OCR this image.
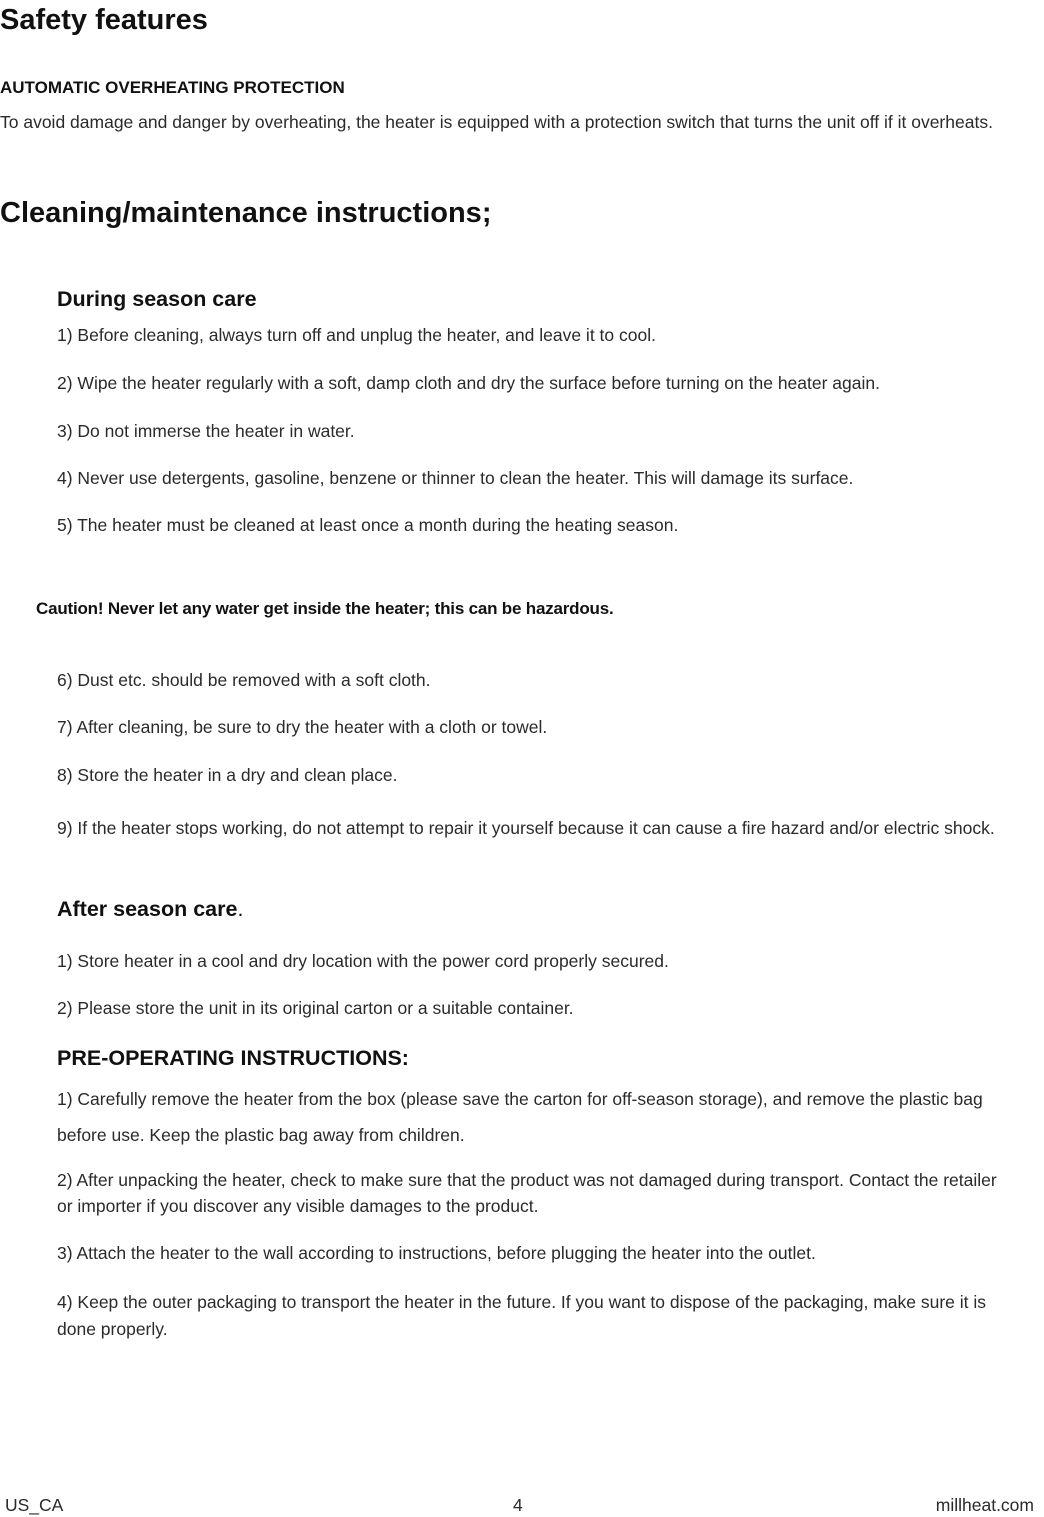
Safety features
AUTOMATIC OVERHEATING PROTECTION

To avoid damage and danger by overheating, the heater is equipped with a protection switch that turns the unit off if it overheats.

Cleaning/maintenance instructions;
During season care
1) Before cleaning, always turn off and unplug the heater, and leave it to cool.
2) Wipe the heater regularly with a soft, damp cloth and dry the surface before turning on the heater again.
3) Do not immerse the heater in water.
4) Never use detergents, gasoline, benzene or thinner to clean the heater. This will damage its surface.
5) The heater must be cleaned at least once a month during the heating season.
Caution! Never let any water get inside the heater; this can be hazardous.
6) Dust etc. should be removed with a soft cloth.
7) After cleaning, be sure to dry the heater with a cloth or towel.
8) Store the heater in a dry and clean place.
9) If the heater stops working, do not attempt to repair it yourself because it can cause a fire hazard and/or electric shock.
After season care.
1) Store heater in a cool and dry location with the power cord properly secured.
2) Please store the unit in its original carton or a suitable container.
PRE-OPERATING INSTRUCTIONS:
1) Carefully remove the heater from the box (please save the carton for off-season storage), and remove the plastic bag before use. Keep the plastic bag away from children.
2) After unpacking the heater, check to make sure that the product was not damaged during transport. Contact the retailer or importer if you discover any visible damages to the product.
3) Attach the heater to the wall according to instructions, before plugging the heater into the outlet.
4) Keep the outer packaging to transport the heater in the future. If you want to dispose of the packaging, make sure it is done properly.
US_CA	4	millheat.com
